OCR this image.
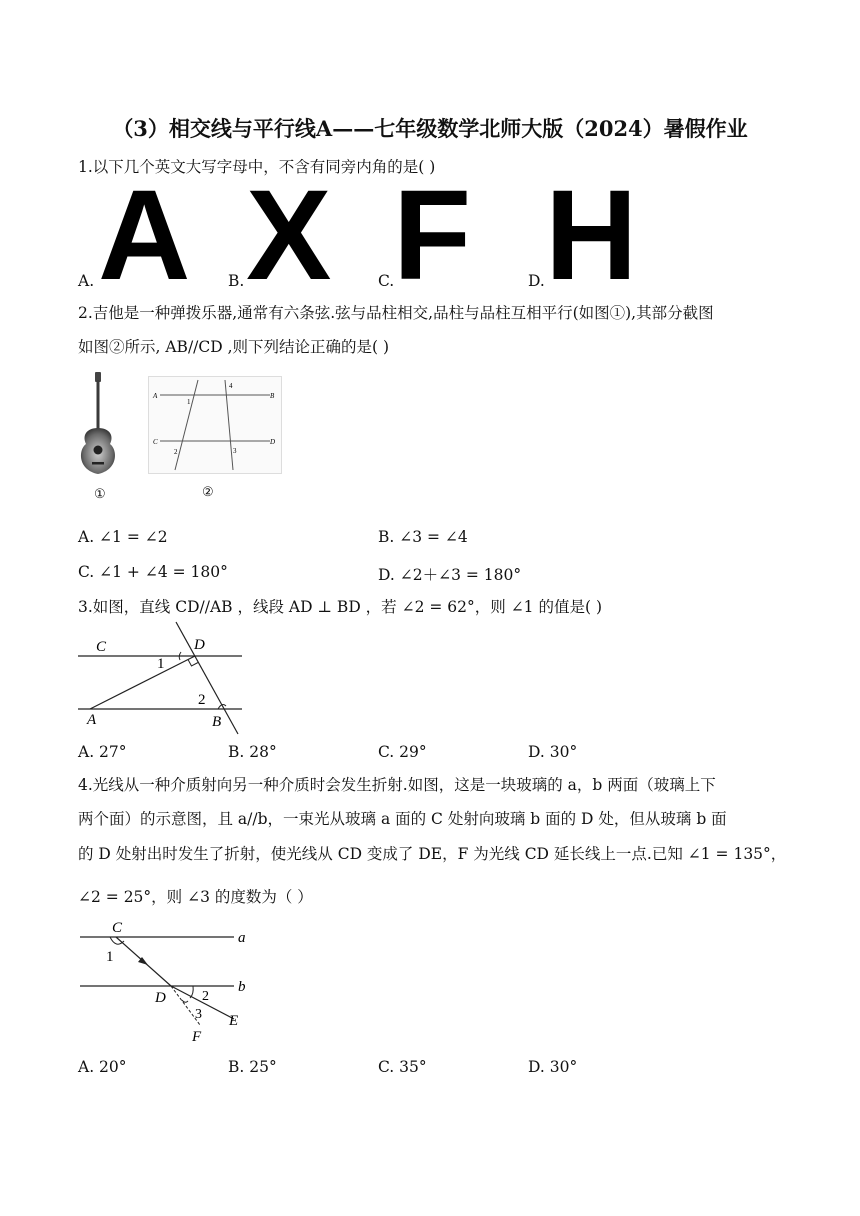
（3）相交线与平行线A——七年级数学北师大版（2024）暑假作业
1.以下几个英文大写字母中，不含有同旁内角的是( )
A. A B. X	C.
F	D. H
2.吉他是一种弹拨乐器,通常有六条弦.弦与品柱相交,品柱与品柱互相平行(如图①),其部分截图
如图②所示, AB//CD ,则下列结论正确的是( )
①
A	B
C	D
1
2	3
4
②
A. ∠1 = ∠2	B. ∠3 = ∠4
C. ∠1 + ∠4 = 180°	D. ∠2＋∠3 = 180°
3.如图，直线 CD//AB ，线段 AD ⊥ BD ，若 ∠2 = 62°，则 ∠1 的值是( )
C	D
A	B
1
2
A. 27°	B. 28°	C. 29°	D. 30°
4.光线从一种介质射向另一种介质时会发生折射.如图，这是一块玻璃的 a，b 两面（玻璃上下
两个面）的示意图，且 a//b，一束光从玻璃 a 面的 C 处射向玻璃 b 面的 D 处，但从玻璃 b 面
的 D 处射出时发生了折射，使光线从 CD 变成了 DE，F 为光线 CD 延长线上一点.已知 ∠1 = 135°，
∠2 = 25°，则 ∠3 的度数为（ ）
C
a
1
b
D	2
3 E
F
A. 20°	B. 25°	C. 35°	D. 30°
